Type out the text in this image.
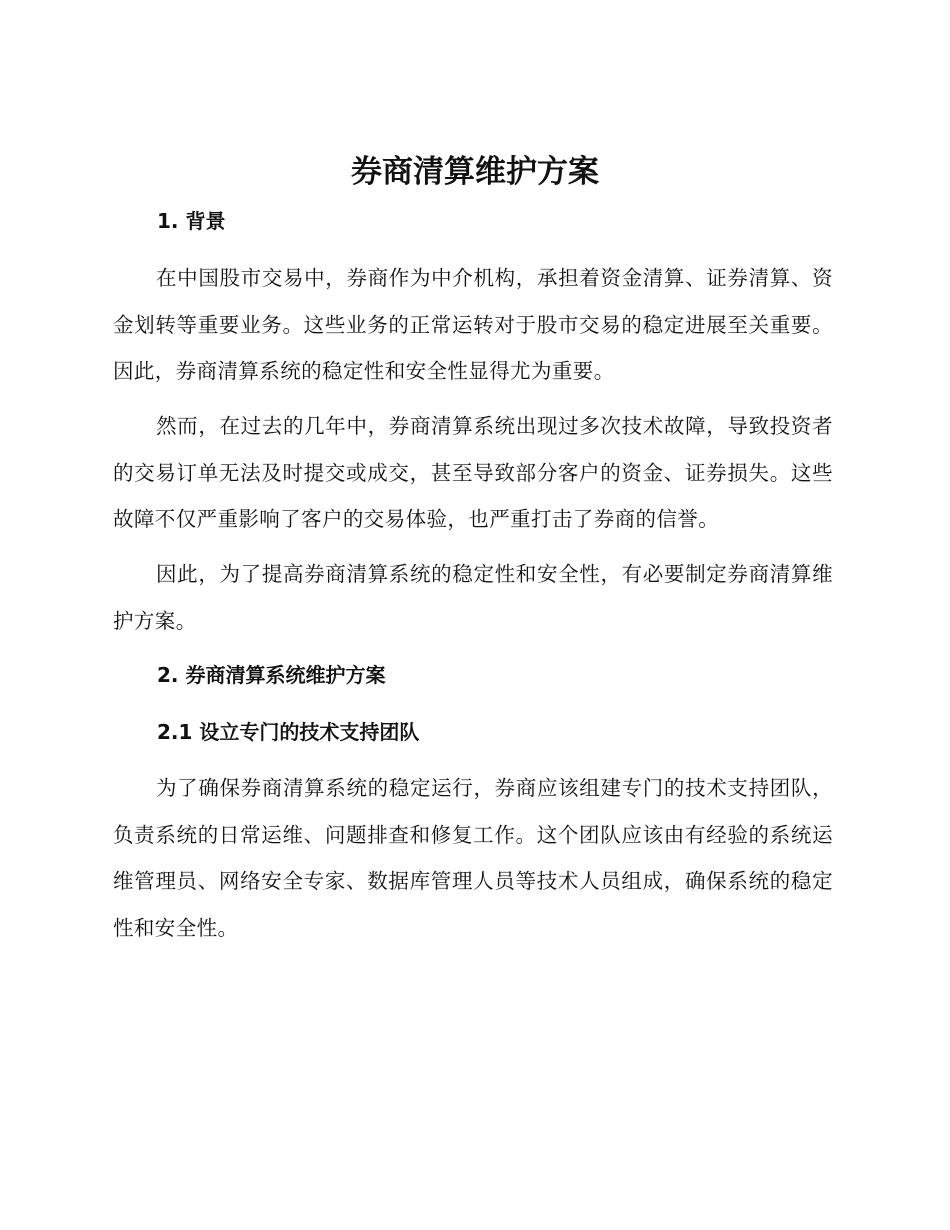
券商清算维护方案
1. 背景

在中国股市交易中，券商作为中介机构，承担着资金清算、证券清算、资金划转等重要业务。这些业务的正常运转对于股市交易的稳定进展至关重要。因此，券商清算系统的稳定性和安全性显得尤为重要。

然而，在过去的几年中，券商清算系统出现过多次技术故障，导致投资者的交易订单无法及时提交或成交，甚至导致部分客户的资金、证券损失。这些故障不仅严重影响了客户的交易体验，也严重打击了券商的信誉。

因此，为了提高券商清算系统的稳定性和安全性，有必要制定券商清算维护方案。

2. 券商清算系统维护方案
2.1 设立专门的技术支持团队

为了确保券商清算系统的稳定运行，券商应该组建专门的技术支持团队，负责系统的日常运维、问题排查和修复工作。这个团队应该由有经验的系统运维管理员、网络安全专家、数据库管理人员等技术人员组成，确保系统的稳定性和安全性。
